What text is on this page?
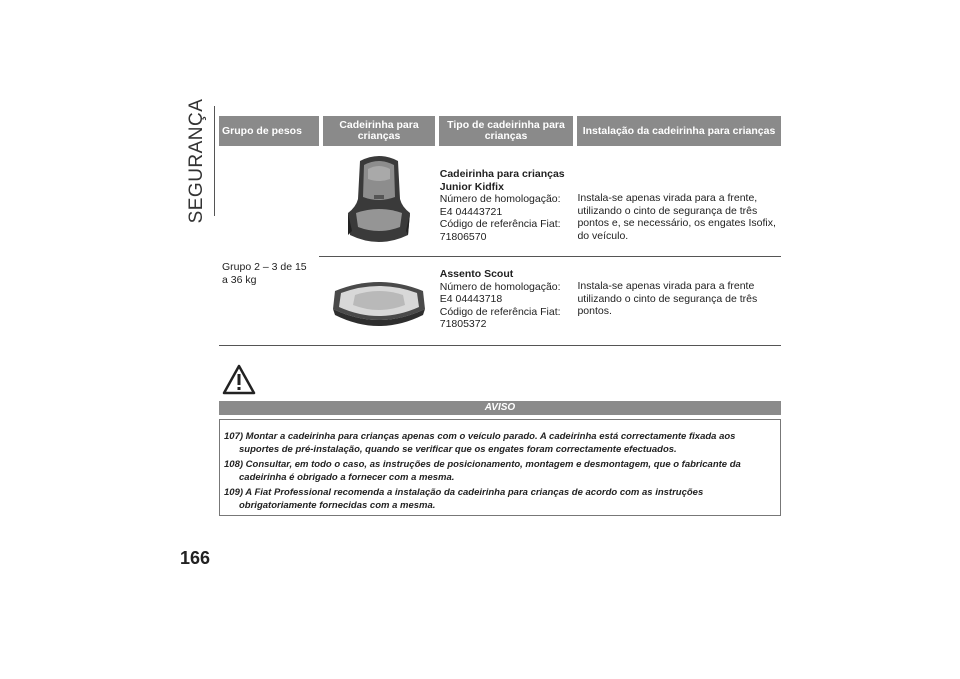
SEGURANÇA Grupo de pesos	Cadeirinha para crianças
Tipo de cadeirinha para crianças	Instalação da cadeirinha para crianças
Grupo 2 – 3 de 15 a 36 kg
Cadeirinha para crianças Junior Kidfix
Número de homologação:
E4 04443721
Código de referência Fiat:
71806570
Instala-se apenas virada para a frente, utilizando o cinto de segurança de três pontos e, se necessário, os engates Isofix, do veículo.
Assento Scout
Número de homologação:
E4 04443718
Código de referência Fiat:
71805372
Instala-se apenas virada para a frente utilizando o cinto de segurança de três pontos.
AVISO

107) Montar a cadeirinha para crianças apenas com o veículo parado. A cadeirinha está correctamente fixada aos suportes de pré-instalação, quando se verificar que os engates foram correctamente efectuados.

108) Consultar, em todo o caso, as instruções de posicionamento, montagem e desmontagem, que o fabricante da cadeirinha é obrigado a fornecer com a mesma.

109) A Fiat Professional recomenda a instalação da cadeirinha para crianças de acordo com as instruções obrigatoriamente fornecidas com a mesma.

166
